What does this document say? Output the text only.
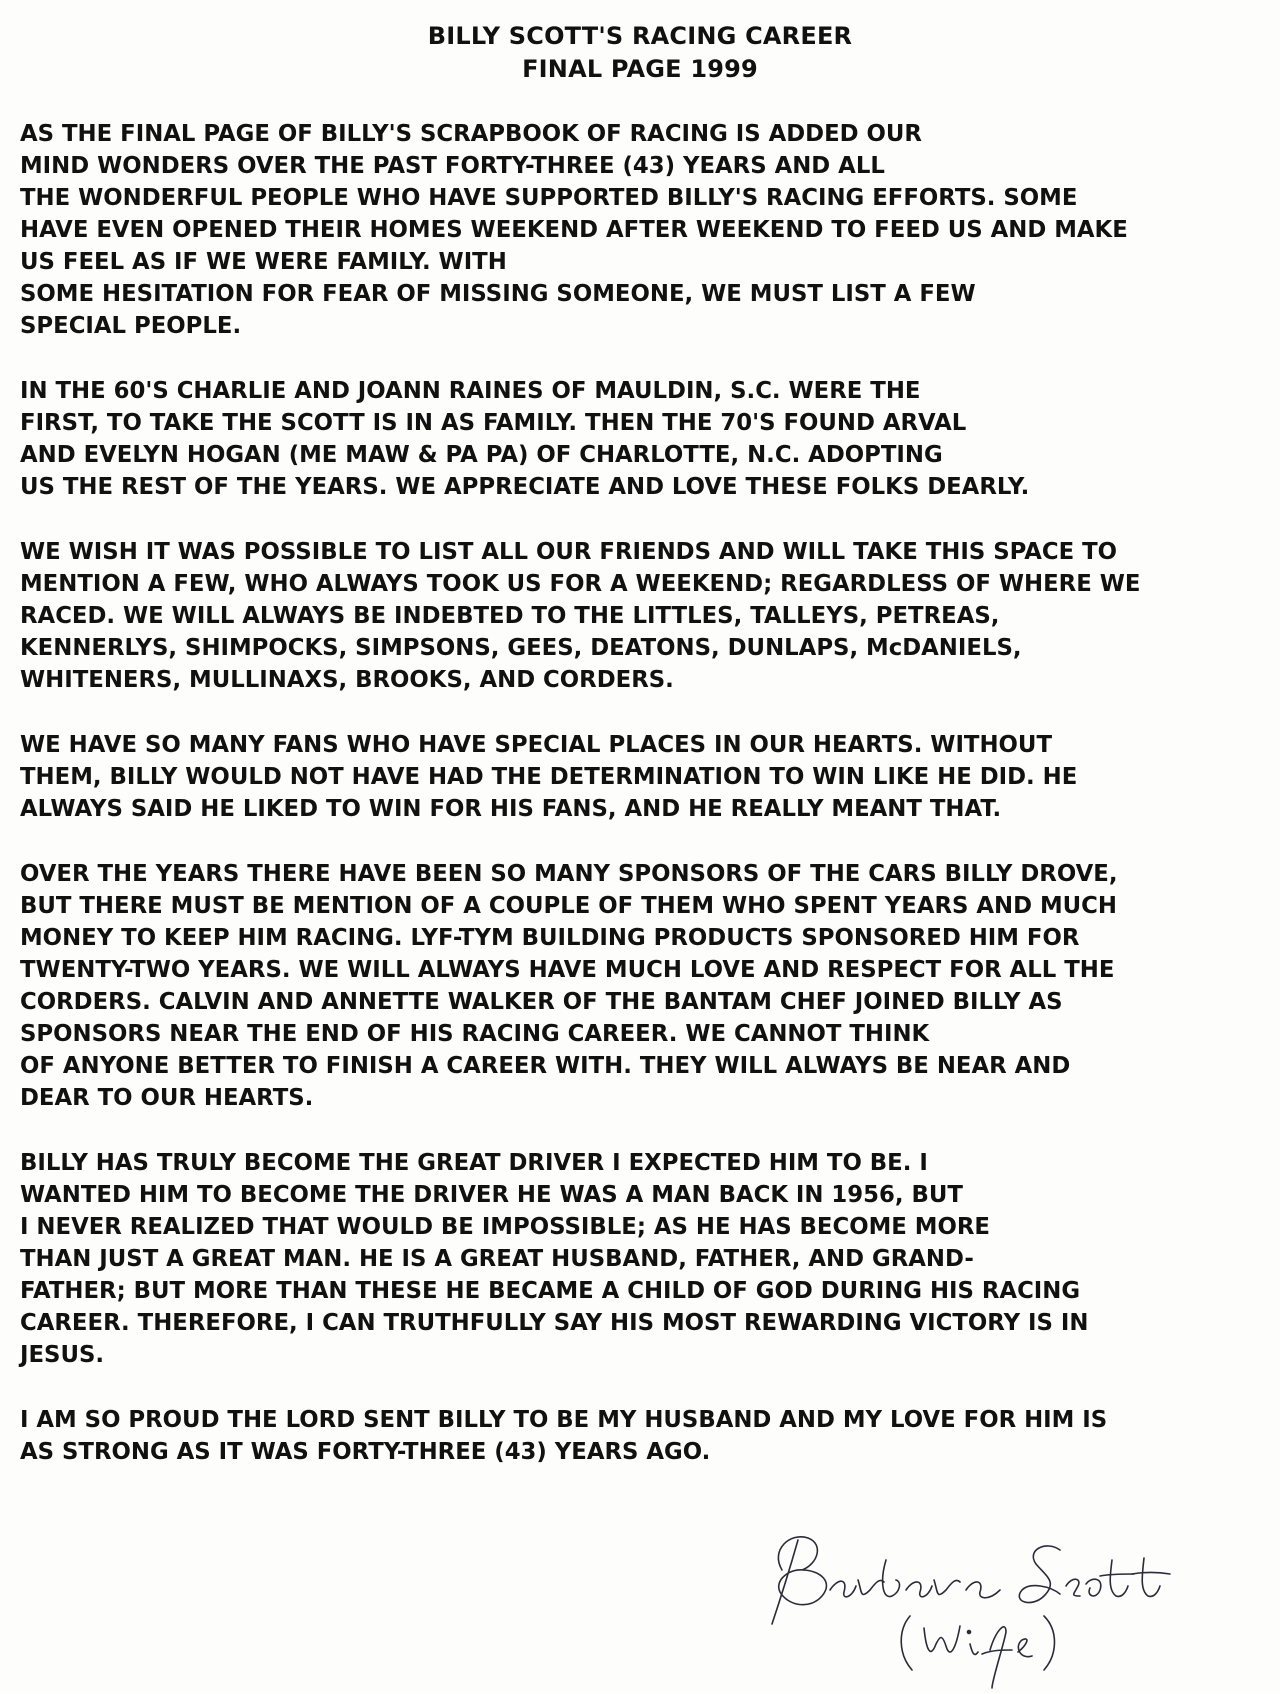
BILLY SCOTT'S RACING CAREER
FINAL PAGE 1999
AS THE FINAL PAGE OF BILLY'S SCRAPBOOK OF RACING IS ADDED OUR
MIND WONDERS OVER THE PAST FORTY-THREE (43) YEARS AND ALL
THE WONDERFUL PEOPLE WHO HAVE SUPPORTED BILLY'S RACING EFFORTS. SOME
HAVE EVEN OPENED THEIR HOMES WEEKEND AFTER WEEKEND TO FEED US AND MAKE
US FEEL AS IF WE WERE FAMILY. WITH
SOME HESITATION FOR FEAR OF MISSING SOMEONE, WE MUST LIST A FEW
SPECIAL PEOPLE.
IN THE 60'S CHARLIE AND JOANN RAINES OF MAULDIN, S.C. WERE THE
FIRST, TO TAKE THE SCOTT IS IN AS FAMILY. THEN THE 70'S FOUND ARVAL
AND EVELYN HOGAN (ME MAW & PA PA) OF CHARLOTTE, N.C. ADOPTING
US THE REST OF THE YEARS. WE APPRECIATE AND LOVE THESE FOLKS DEARLY.
WE WISH IT WAS POSSIBLE TO LIST ALL OUR FRIENDS AND WILL TAKE THIS SPACE TO
MENTION A FEW, WHO ALWAYS TOOK US FOR A WEEKEND; REGARDLESS OF WHERE WE
RACED. WE WILL ALWAYS BE INDEBTED TO THE LITTLES, TALLEYS, PETREAS,
KENNERLYS, SHIMPOCKS, SIMPSONS, GEES, DEATONS, DUNLAPS, McDANIELS,
WHITENERS, MULLINAXS, BROOKS, AND CORDERS.
WE HAVE SO MANY FANS WHO HAVE SPECIAL PLACES IN OUR HEARTS. WITHOUT
THEM, BILLY WOULD NOT HAVE HAD THE DETERMINATION TO WIN LIKE HE DID. HE
ALWAYS SAID HE LIKED TO WIN FOR HIS FANS, AND HE REALLY MEANT THAT.
OVER THE YEARS THERE HAVE BEEN SO MANY SPONSORS OF THE CARS BILLY DROVE,
BUT THERE MUST BE MENTION OF A COUPLE OF THEM WHO SPENT YEARS AND MUCH
MONEY TO KEEP HIM RACING. LYF-TYM BUILDING PRODUCTS SPONSORED HIM FOR
TWENTY-TWO YEARS. WE WILL ALWAYS HAVE MUCH LOVE AND RESPECT FOR ALL THE
CORDERS. CALVIN AND ANNETTE WALKER OF THE BANTAM CHEF JOINED BILLY AS
SPONSORS NEAR THE END OF HIS RACING CAREER. WE CANNOT THINK
OF ANYONE BETTER TO FINISH A CAREER WITH. THEY WILL ALWAYS BE NEAR AND
DEAR TO OUR HEARTS.
BILLY HAS TRULY BECOME THE GREAT DRIVER I EXPECTED HIM TO BE. I
WANTED HIM TO BECOME THE DRIVER HE WAS A MAN BACK IN 1956, BUT
I NEVER REALIZED THAT WOULD BE IMPOSSIBLE; AS HE HAS BECOME MORE
THAN JUST A GREAT MAN. HE IS A GREAT HUSBAND, FATHER, AND GRAND-
FATHER; BUT MORE THAN THESE HE BECAME A CHILD OF GOD DURING HIS RACING
CAREER. THEREFORE, I CAN TRUTHFULLY SAY HIS MOST REWARDING VICTORY IS IN
JESUS.
I AM SO PROUD THE LORD SENT BILLY TO BE MY HUSBAND AND MY LOVE FOR HIM IS
AS STRONG AS IT WAS FORTY-THREE (43) YEARS AGO.
